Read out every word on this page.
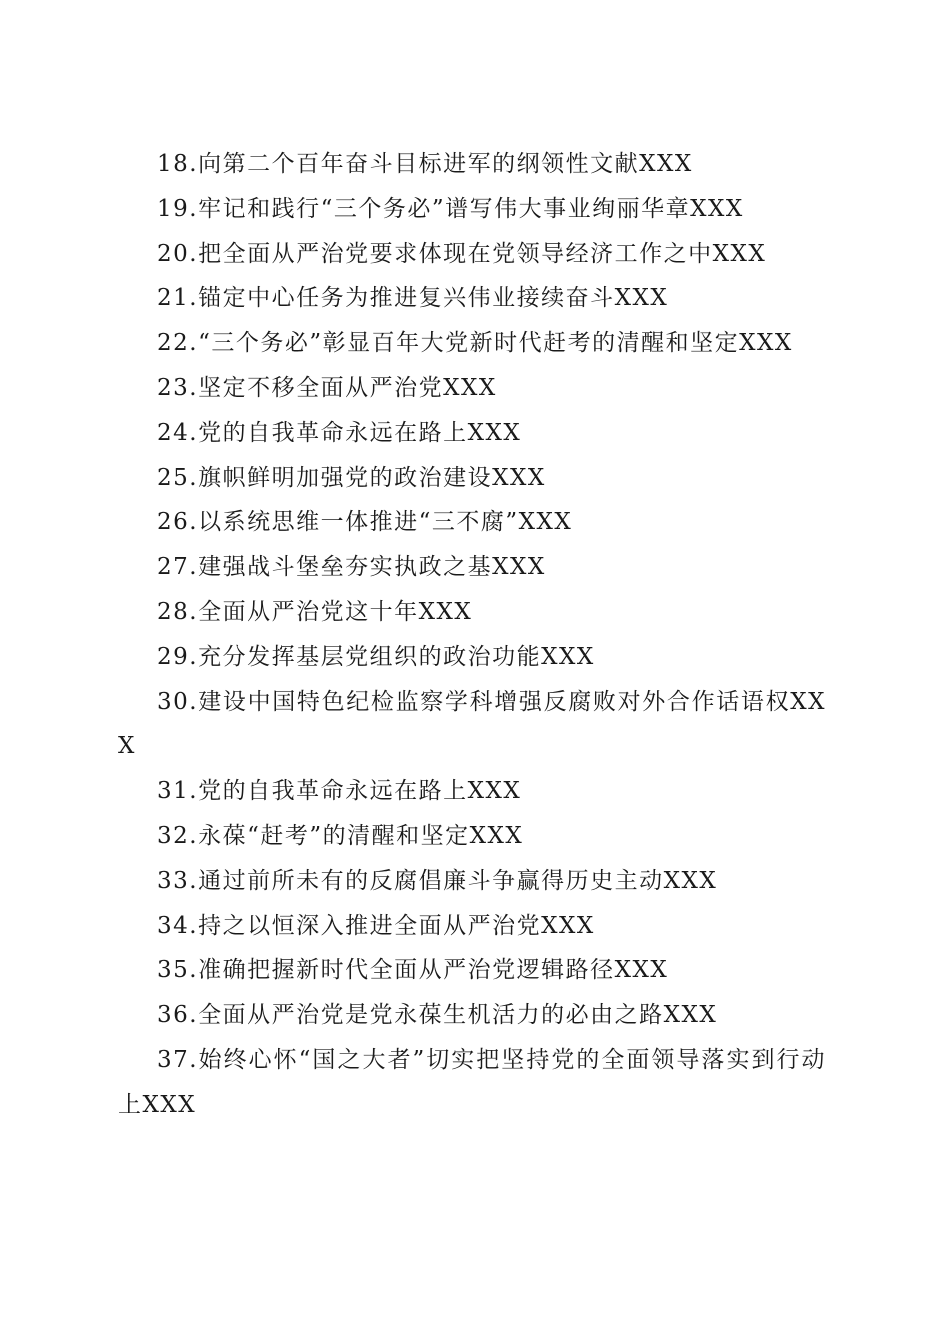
18.向第二个百年奋斗目标进军的纲领性文献XXX
19.牢记和践行“三个务必”谱写伟大事业绚丽华章XXX
20.把全面从严治党要求体现在党领导经济工作之中XXX
21.锚定中心任务为推进复兴伟业接续奋斗XXX
22.“三个务必”彰显百年大党新时代赶考的清醒和坚定XXX
23.坚定不移全面从严治党XXX
24.党的自我革命永远在路上XXX
25.旗帜鲜明加强党的政治建设XXX
26.以系统思维一体推进“三不腐”XXX
27.建强战斗堡垒夯实执政之基XXX
28.全面从严治党这十年XXX
29.充分发挥基层党组织的政治功能XXX
30.建设中国特色纪检监察学科增强反腐败对外合作话语权XXX
31.党的自我革命永远在路上XXX
32.永葆“赶考”的清醒和坚定XXX
33.通过前所未有的反腐倡廉斗争赢得历史主动XXX
34.持之以恒深入推进全面从严治党XXX
35.准确把握新时代全面从严治党逻辑路径XXX
36.全面从严治党是党永葆生机活力的必由之路XXX
37.始终心怀“国之大者”切实把坚持党的全面领导落实到行动上XXX
